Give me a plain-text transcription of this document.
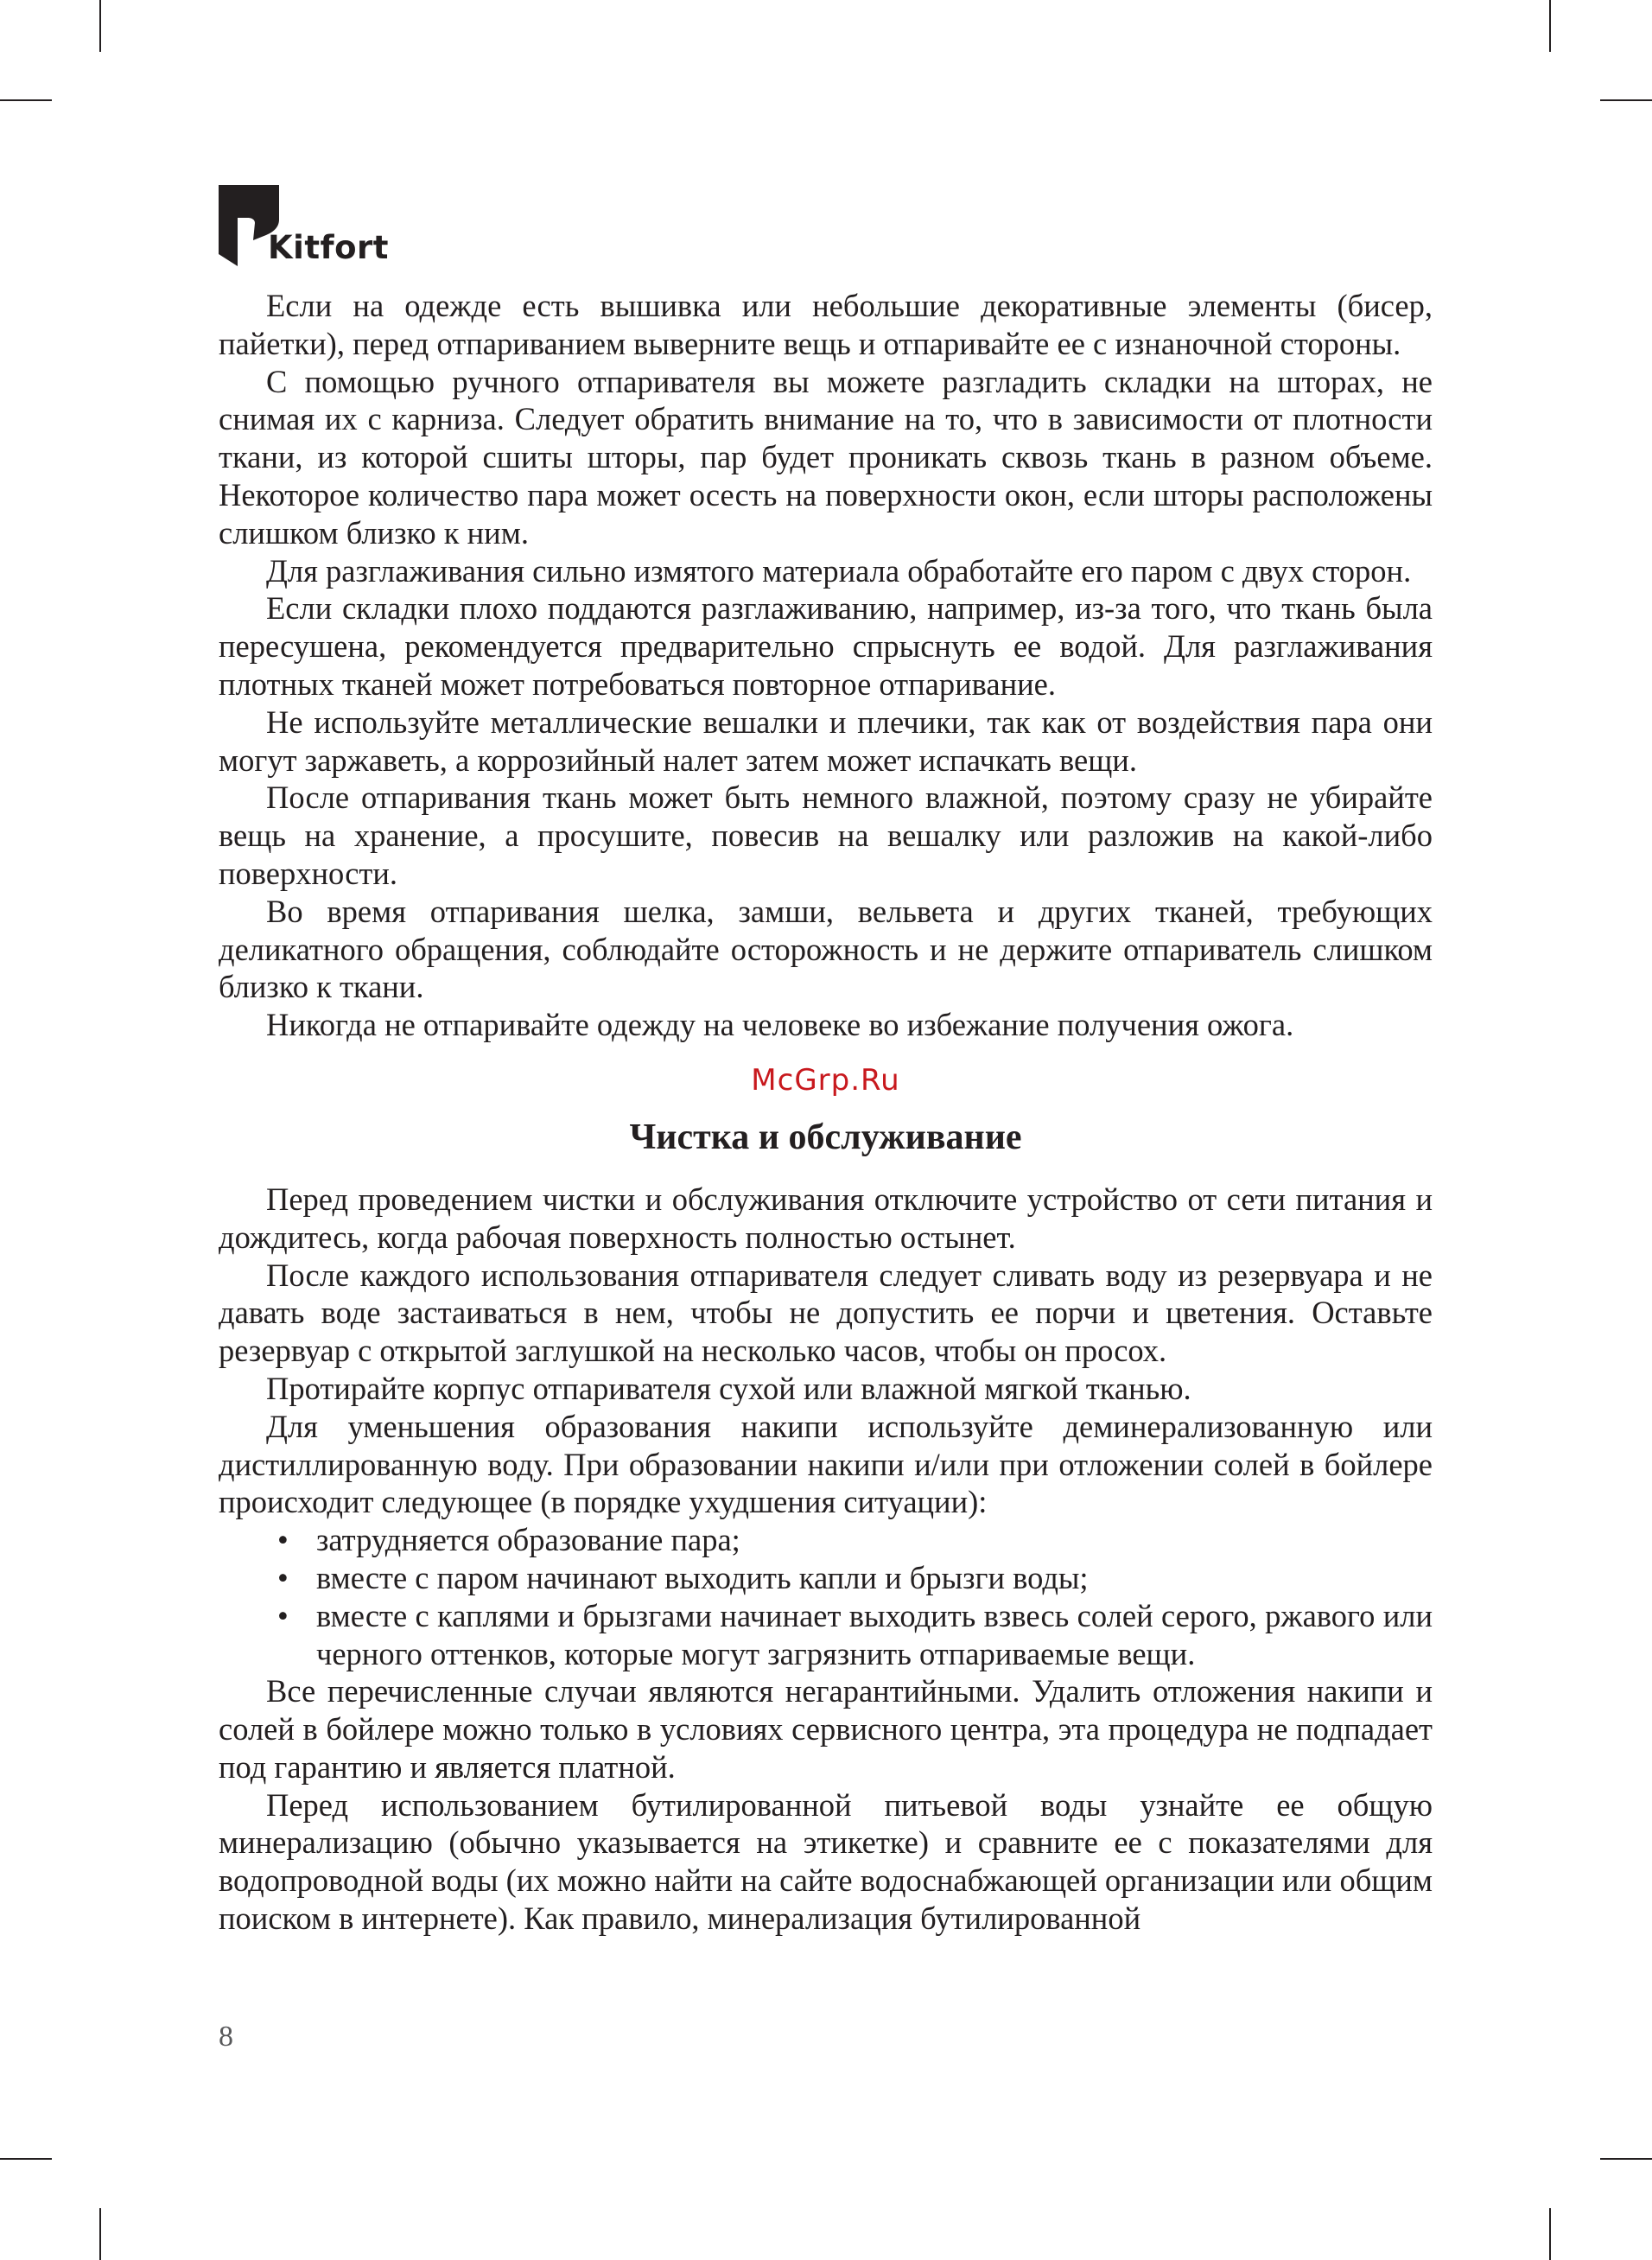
Kitfort

Если на одежде есть вышивка или небольшие декоративные элементы (бисер, пайетки), перед отпариванием выверните вещь и отпаривайте ее с изнаночной стороны.

С помощью ручного отпаривателя вы можете разгладить складки на шторах, не снимая их с карниза. Следует обратить внимание на то, что в зависимости от плотности ткани, из которой сшиты шторы, пар будет проникать сквозь ткань в разном объеме. Некоторое количество пара может осесть на поверхности окон, если шторы расположены слишком близко к ним.

Для разглаживания сильно измятого материала обработайте его паром с двух сторон.

Если складки плохо поддаются разглаживанию, например, из-за того, что ткань была пересушена, рекомендуется предварительно спрыснуть ее водой. Для разглаживания плотных тканей может потребоваться повторное отпаривание.

Не используйте металлические вешалки и плечики, так как от воздействия пара они могут заржаветь, а коррозийный налет затем может испачкать вещи.

После отпаривания ткань может быть немного влажной, поэтому сразу не убирайте вещь на хранение, а просушите, повесив на вешалку или разложив на какой-либо поверхности.

Во время отпаривания шелка, замши, вельвета и других тканей, требующих деликатного обращения, соблюдайте осторожность и не держите отпариватель слишком близко к ткани.

Никогда не отпаривайте одежду на человеке во избежание получения ожога.

McGrp.Ru
Чистка и обслуживание

Перед проведением чистки и обслуживания отключите устройство от сети питания и дождитесь, когда рабочая поверхность полностью остынет.

После каждого использования отпаривателя следует сливать воду из резервуара и не давать воде застаиваться в нем, чтобы не допустить ее порчи и цветения. Оставьте резервуар с открытой заглушкой на несколько часов, чтобы он просох.

Протирайте корпус отпаривателя сухой или влажной мягкой тканью.

Для уменьшения образования накипи используйте деминерализованную или дистиллированную воду. При образовании накипи и/или при отложении солей в бойлере происходит следующее (в порядке ухудшения ситуации):

• затрудняется образование пара;
• вместе с паром начинают выходить капли и брызги воды;
• вместе с каплями и брызгами начинает выходить взвесь солей серого, ржавого или черного оттенков, которые могут загрязнить отпариваемые вещи.

Все перечисленные случаи являются негарантийными. Удалить отложения накипи и солей в бойлере можно только в условиях сервисного центра, эта процедура не подпадает под гарантию и является платной.

Перед использованием бутилированной питьевой воды узнайте ее общую минерализацию (обычно указывается на этикетке) и сравните ее с показателями для водопроводной воды (их можно найти на сайте водоснабжающей организации или общим поиском в интернете). Как правило, минерализация бутилированной

8
